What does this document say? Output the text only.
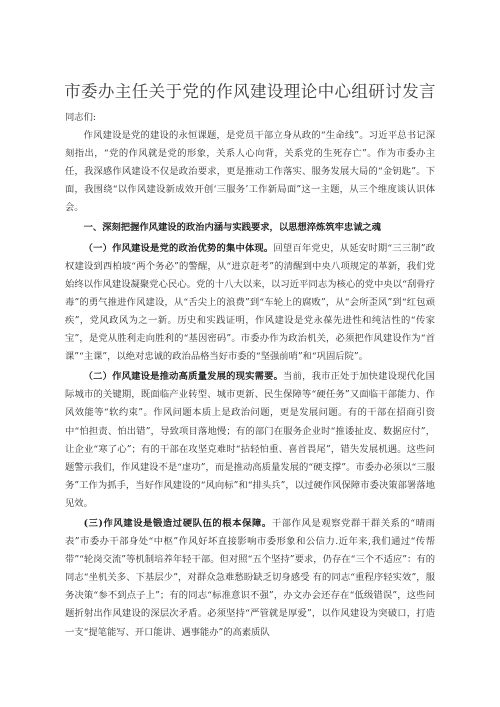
市委办主任关于党的作风建设理论中心组研讨发言
同志们:

作风建设是党的建设的永恒课题，是党员干部立身从政的“生命线”。习近平总书记深刻指出，“党的作风就是党的形象，关系人心向背，关系党的生死存亡”。作为市委办主任，我深感作风建设不仅是政治要求，更是推动工作落实、服务发展大局的“金钥匙”。下面，我围绕“以作风建设新成效开创‘三服务’工作新局面”这一主题，从三个维度谈认识体会。

一、深刻把握作风建设的政治内涵与实践要求，以思想淬炼筑牢忠诚之魂

（一）作风建设是党的政治优势的集中体现。回望百年党史，从延安时期“三三制”政权建设到西柏坡“两个务必”的警醒，从“进京赶考”的清醒到中央八项规定的革新，我们党始终以作风建设凝聚党心民心。党的十八大以来，以习近平同志为核心的党中央以“刮骨疗毒”的勇气推进作风建设，从“舌尖上的浪费”到“车轮上的腐败”，从“会所歪风”到“红包顽疾”，党风政风为之一新。历史和实践证明，作风建设是党永葆先进性和纯洁性的“传家宝”，是党从胜利走向胜利的“基因密码”。市委办作为政治机关，必须把作风建设作为“首课”“主课”，以绝对忠诚的政治品格当好市委的“坚强前哨”和“巩固后院”。

（二）作风建设是推动高质量发展的现实需要。当前，我市正处于加快建设现代化国际城市的关键期，既面临产业转型、城市更新、民生保障等“硬任务”又面临干部能力、作风效能等“软约束”。作风问题本质上是政治问题，更是发展问题。有的干部在招商引资中“怕担责、怕出错”，导致项目落地慢；有的部门在服务企业时“推诿扯皮、数据应付”，让企业“寒了心”；有的干部在攻坚克难时“拈轻怕重、喜首畏尾”，错失发展机遇。这些问题警示我们，作风建设不是“虚功”，而是推动高质量发展的“硬支撑”。市委办必须以“三服务”工作为抓手，当好作风建设的“风向标”和“排头兵”，以过硬作风保障市委决策部署落地见效。

(三)作风建设是锻造过硬队伍的根本保障。干部作风是观察党群干群关系的“晴雨表”市委办干部身处“中枢”作风好坏直接影响市委形象和公信力.近年来,我们通过“传帮带”“轮岗交流”等机制培养年轻干部。但对照“五个坚持”要求，仍存在“三个不适应”：有的同志“坐机关多、下基层少”，对群众急难愁盼缺乏切身感受 有的同志“重程序轻实效”，服务决策“参不到点子上”；有的同志“标准意识不强”，办文办会还存在“低级错误”，这些问题折射出作风建设的深层次矛盾。必须坚持“严管就是厚爱”，以作风建设为突破口，打造一支“提笔能写、开口能讲、遇事能办”的高素质队
